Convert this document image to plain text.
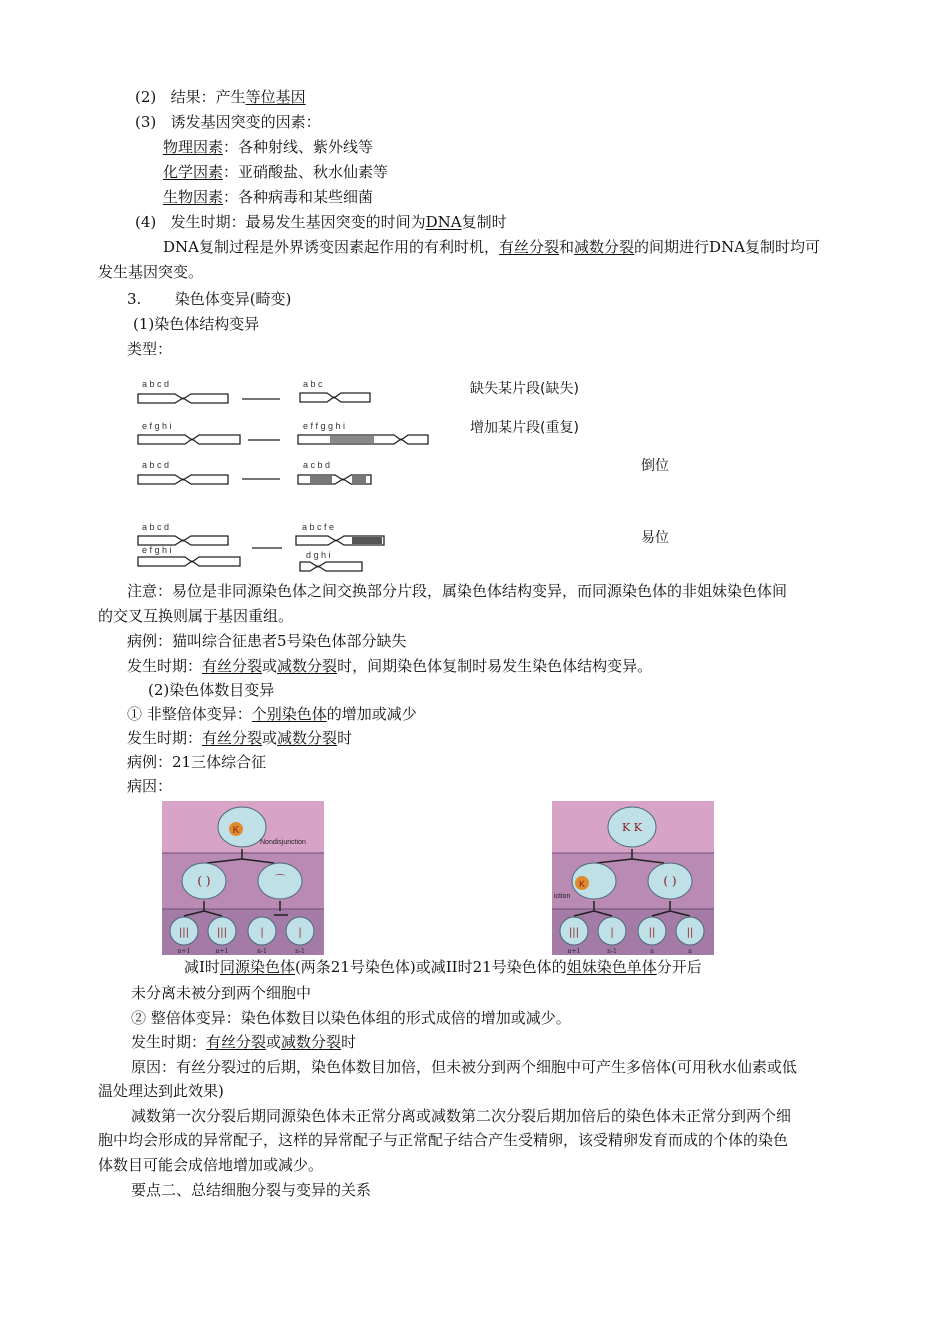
(2) 结果：产生等位基因
(3) 诱发基因突变的因素：
物理因素：各种射线、紫外线等
化学因素：亚硝酸盐、秋水仙素等
生物因素：各种病毒和某些细菌
(4) 发生时期：最易发生基因突变的时间为DNA复制时
DNA复制过程是外界诱变因素起作用的有利时机，有丝分裂和减数分裂的间期进行DNA复制时均可
发生基因突变。
3. 染色体变异(畸变)
(1)染色体结构变异
类型：
a b c d	a b c
e f g h i	e f f g g h i
a b c d	a c b d
a b c d
e f g h i
a b c f e
d g h i
缺失某片段(缺失)
增加某片段(重复)
倒位
易位
注意：易位是非同源染色体之间交换部分片段，属染色体结构变异，而同源染色体的非姐妹染色体间
的交叉互换则属于基因重组。
病例：猫叫综合征患者5号染色体部分缺失
发生时期：有丝分裂或减数分裂时，间期染色体复制时易发生染色体结构变异。
(2)染色体数目变异
① 非整倍体变异：个别染色体的增加或减少
发生时期：有丝分裂或减数分裂时
病例：21三体综合征
病因：
K
Nondisjunction
( )	⌒
|||	|||	|	|
n+1	n+1	n-1	n-1
K K
K
iction
( )
|||	|	||	||
n+1	n-1	n	n
减Ⅰ时同源染色体(两条21号染色体)或减II时21号染色体的姐妹染色单体分开后
未分离未被分到两个细胞中
② 整倍体变异：染色体数目以染色体组的形式成倍的增加或减少。
发生时期：有丝分裂或减数分裂时
原因：有丝分裂过的后期，染色体数目加倍，但未被分到两个细胞中可产生多倍体(可用秋水仙素或低
温处理达到此效果)
减数第一次分裂后期同源染色体未正常分离或减数第二次分裂后期加倍后的染色体未正常分到两个细
胞中均会形成的异常配子，这样的异常配子与正常配子结合产生受精卵，该受精卵发育而成的个体的染色
体数目可能会成倍地增加或减少。
要点二、总结细胞分裂与变异的关系
